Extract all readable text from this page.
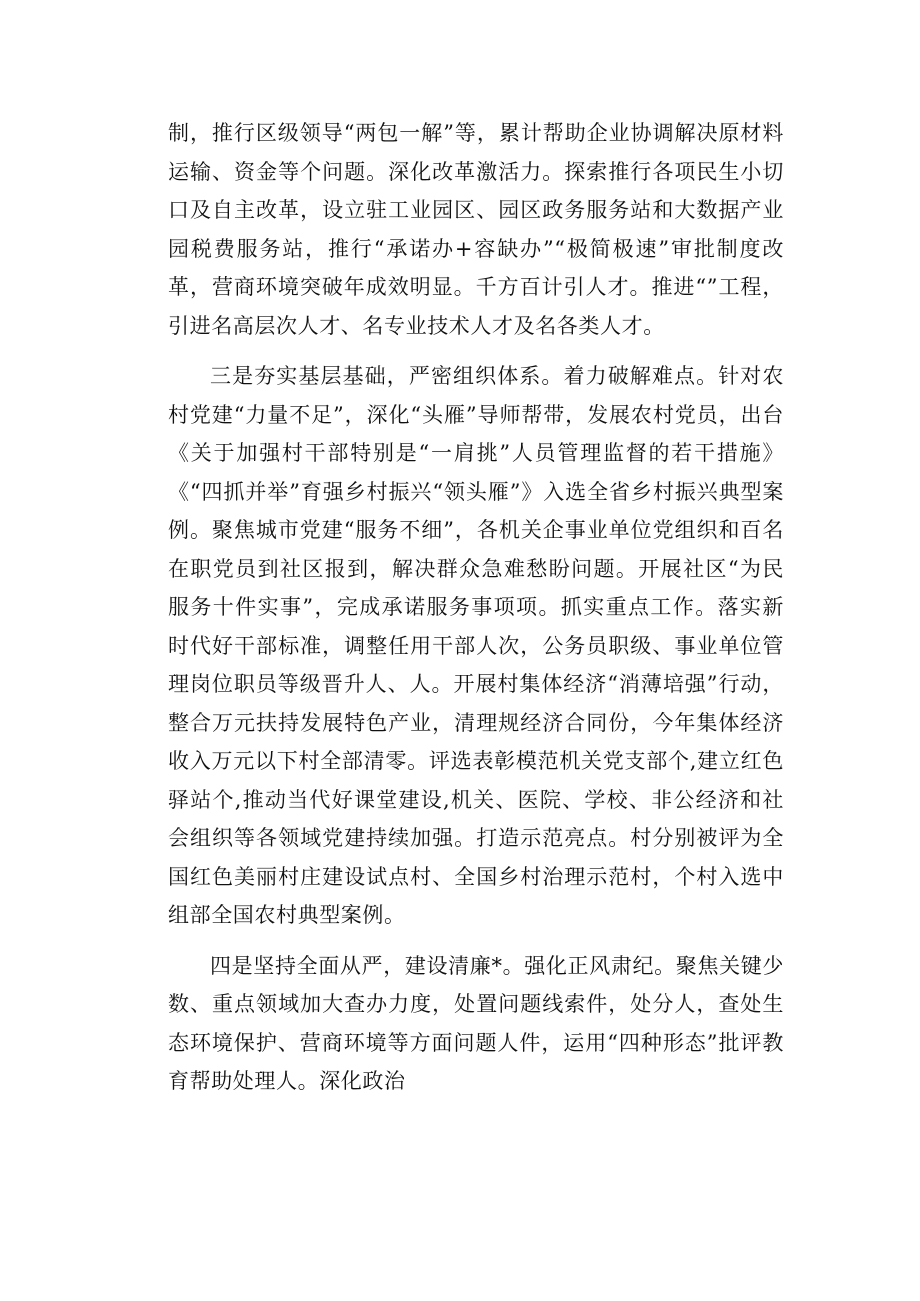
制，推行区级领导“两包一解”等，累计帮助企业协调解决原材料运输、资金等个问题。深化改革激活力。探索推行各项民生小切口及自主改革，设立驻工业园区、园区政务服务站和大数据产业园税费服务站，推行“承诺办+容缺办”“极简极速”审批制度改革，营商环境突破年成效明显。千方百计引人才。推进“”工程，引进名高层次人才、名专业技术人才及名各类人才。

三是夯实基层基础，严密组织体系。着力破解难点。针对农村党建“力量不足”，深化“头雁”导师帮带，发展农村党员，出台《关于加强村干部特别是“一肩挑”人员管理监督的若干措施》《“四抓并举”育强乡村振兴“领头雁”》入选全省乡村振兴典型案例。聚焦城市党建“服务不细”，各机关企事业单位党组织和百名在职党员到社区报到，解决群众急难愁盼问题。开展社区“为民服务十件实事”，完成承诺服务事项项。抓实重点工作。落实新时代好干部标准，调整任用干部人次，公务员职级、事业单位管理岗位职员等级晋升人、人。开展村集体经济“消薄培强”行动，整合万元扶持发展特色产业，清理规经济合同份，今年集体经济收入万元以下村全部清零。评选表彰模范机关党支部个,建立红色驿站个,推动当代好课堂建设,机关、医院、学校、非公经济和社会组织等各领域党建持续加强。打造示范亮点。村分别被评为全国红色美丽村庄建设试点村、全国乡村治理示范村，个村入选中组部全国农村典型案例。

四是坚持全面从严，建设清廉*。强化正风肃纪。聚焦关键少数、重点领域加大查办力度，处置问题线索件，处分人，查处生态环境保护、营商环境等方面问题人件，运用“四种形态”批评教育帮助处理人。深化政治
